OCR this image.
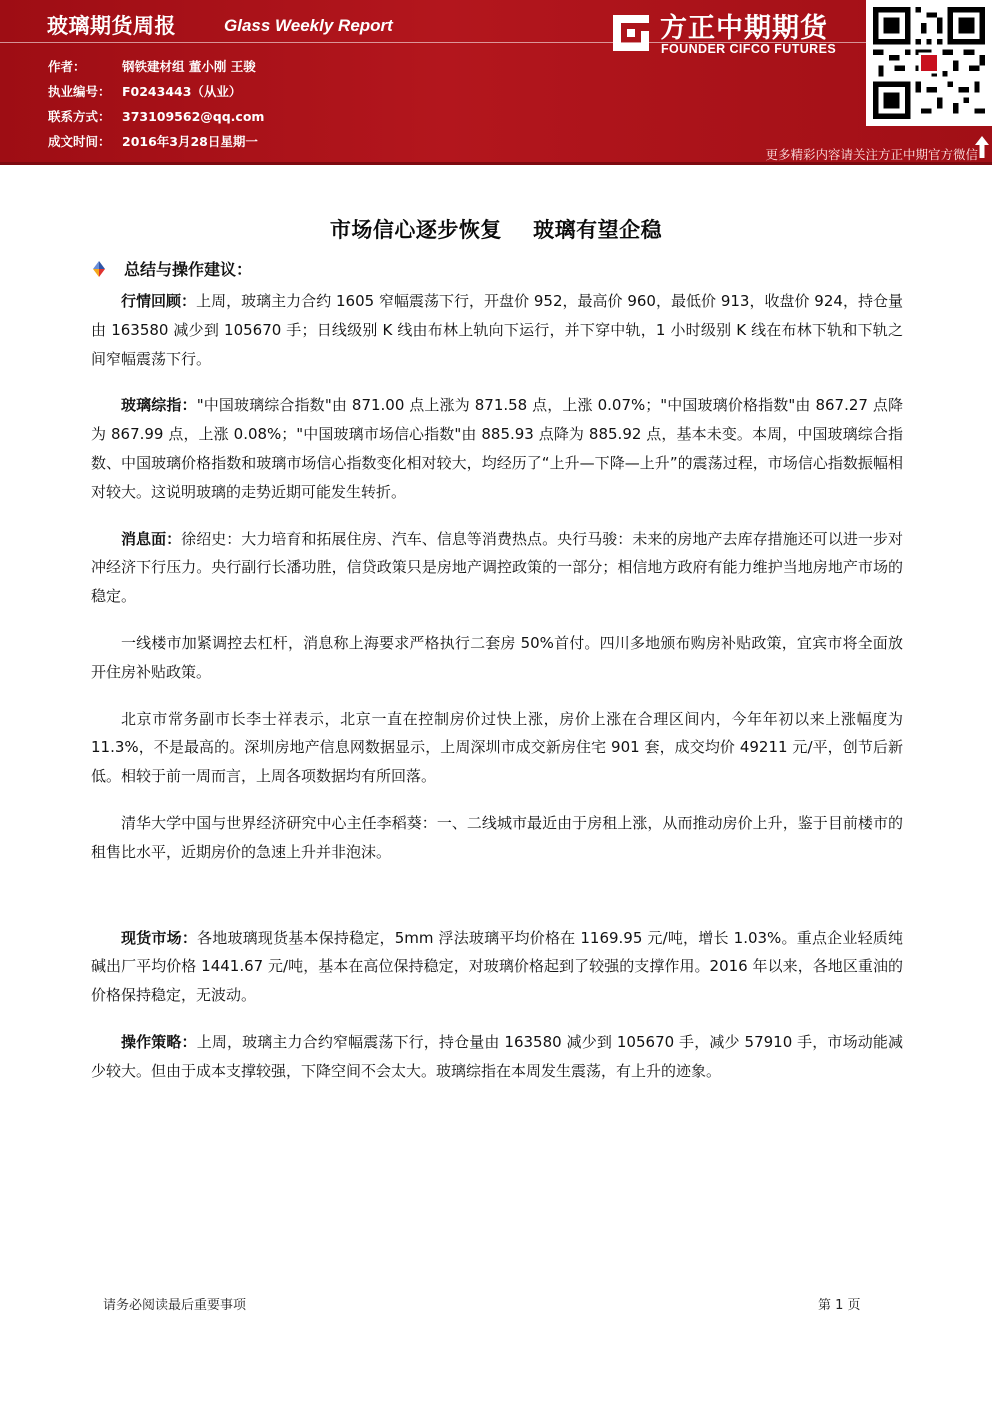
玻璃期货周报	Glass Weekly Report
作者：	钢铁建材组 董小刚 王骏
执业编号： F0243443（从业）
联系方式： 373109562@qq.com
成文时间： 2016年3月28日星期一
方正中期期货
FOUNDER CIFCO FUTURES
更多精彩内容请关注方正中期官方微信
市场信心逐步恢复    玻璃有望企稳
总结与操作建议：

行情回顾：上周，玻璃主力合约 1605 窄幅震荡下行，开盘价 952，最高价 960，最低价 913，收盘价 924，持仓量由 163580 减少到 105670 手；日线级别 K 线由布林上轨向下运行，并下穿中轨，1 小时级别 K 线在布林下轨和下轨之间窄幅震荡下行。

玻璃综指："中国玻璃综合指数"由 871.00 点上涨为 871.58 点，上涨 0.07%；"中国玻璃价格指数"由 867.27 点降为 867.99 点，上涨 0.08%；"中国玻璃市场信心指数"由 885.93 点降为 885.92 点，基本未变。本周，中国玻璃综合指数、中国玻璃价格指数和玻璃市场信心指数变化相对较大，均经历了“上升—下降—上升”的震荡过程，市场信心指数振幅相对较大。这说明玻璃的走势近期可能发生转折。

消息面：徐绍史：大力培育和拓展住房、汽车、信息等消费热点。央行马骏：未来的房地产去库存措施还可以进一步对冲经济下行压力。央行副行长潘功胜，信贷政策只是房地产调控政策的一部分；相信地方政府有能力维护当地房地产市场的稳定。

一线楼市加紧调控去杠杆，消息称上海要求严格执行二套房 50%首付。四川多地颁布购房补贴政策，宜宾市将全面放开住房补贴政策。

北京市常务副市长李士祥表示，北京一直在控制房价过快上涨，房价上涨在合理区间内，今年年初以来上涨幅度为 11.3%，不是最高的。深圳房地产信息网数据显示，上周深圳市成交新房住宅 901 套，成交均价 49211 元/平，创节后新低。相较于前一周而言，上周各项数据均有所回落。

清华大学中国与世界经济研究中心主任李稻葵：一、二线城市最近由于房租上涨，从而推动房价上升，鉴于目前楼市的租售比水平，近期房价的急速上升并非泡沫。

现货市场：各地玻璃现货基本保持稳定，5mm 浮法玻璃平均价格在 1169.95 元/吨，增长 1.03%。重点企业轻质纯碱出厂平均价格 1441.67 元/吨，基本在高位保持稳定，对玻璃价格起到了较强的支撑作用。2016 年以来，各地区重油的价格保持稳定，无波动。

操作策略：上周，玻璃主力合约窄幅震荡下行，持仓量由 163580 减少到 105670 手，减少 57910 手，市场动能减少较大。但由于成本支撑较强，下降空间不会太大。玻璃综指在本周发生震荡，有上升的迹象。

请务必阅读最后重要事项	第 1 页
